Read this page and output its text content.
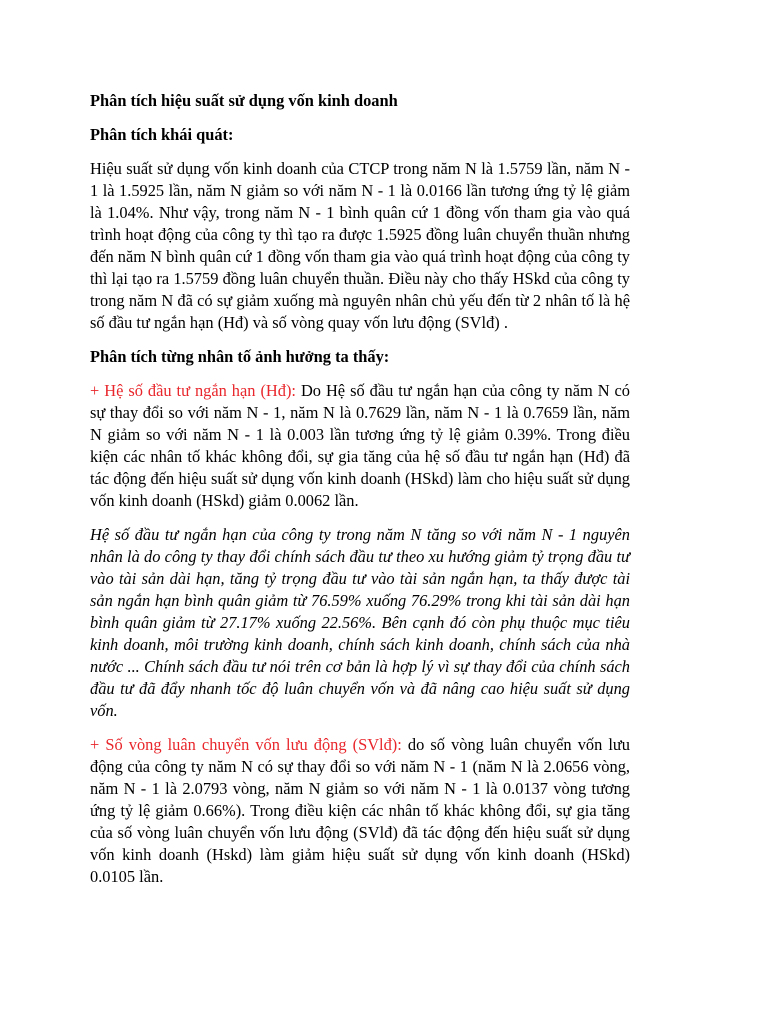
Phân tích hiệu suất sử dụng vốn kinh doanh

Phân tích khái quát:

Hiệu suất sử dụng vốn kinh doanh của CTCP trong năm N là 1.5759 lần, năm N - 1 là 1.5925 lần, năm N giảm so với năm N - 1 là 0.0166 lần tương ứng tỷ lệ giảm là 1.04%. Như vậy, trong năm N - 1 bình quân cứ 1 đồng vốn tham gia vào quá trình hoạt động của công ty thì tạo ra được 1.5925 đồng luân chuyển thuần nhưng đến năm N bình quân cứ 1 đồng vốn tham gia vào quá trình hoạt động của công ty thì lại tạo ra 1.5759 đồng luân chuyển thuần. Điều này cho thấy HSkd của công ty trong năm N đã có sự giảm xuống mà nguyên nhân chủ yếu đến từ 2 nhân tố là hệ số đầu tư ngắn hạn (Hđ) và số vòng quay vốn lưu động (SVlđ) .

Phân tích từng nhân tố ảnh hưởng ta thấy:

+ Hệ số đầu tư ngắn hạn (Hđ): Do Hệ số đầu tư ngắn hạn của công ty năm N có sự thay đổi so với năm N - 1, năm N là 0.7629 lần, năm N - 1 là 0.7659 lần, năm N giảm so với năm N - 1 là 0.003 lần tương ứng tỷ lệ giảm 0.39%. Trong điều kiện các nhân tố khác không đổi, sự gia tăng của hệ số đầu tư ngắn hạn (Hđ) đã tác động đến hiệu suất sử dụng vốn kinh doanh (HSkd) làm cho hiệu suất sử dụng vốn kinh doanh (HSkd) giảm 0.0062 lần.

Hệ số đầu tư ngắn hạn của công ty trong năm N tăng so với năm N - 1 nguyên nhân là do công ty thay đổi chính sách đầu tư theo xu hướng giảm tỷ trọng đầu tư vào tài sản dài hạn, tăng tỷ trọng đầu tư vào tài sản ngắn hạn, ta thấy được tài sản ngắn hạn bình quân giảm từ 76.59% xuống 76.29% trong khi tài sản dài hạn bình quân giảm từ 27.17% xuống 22.56%. Bên cạnh đó còn phụ thuộc mục tiêu kinh doanh, môi trường kinh doanh, chính sách kinh doanh, chính sách của nhà nước ... Chính sách đầu tư nói trên cơ bản là hợp lý vì sự thay đổi của chính sách đầu tư đã đẩy nhanh tốc độ luân chuyển vốn và đã nâng cao hiệu suất sử dụng vốn.

+ Số vòng luân chuyển vốn lưu động (SVlđ): do số vòng luân chuyển vốn lưu động của công ty năm N có sự thay đổi so với năm N - 1 (năm N là 2.0656 vòng, năm N - 1 là 2.0793 vòng, năm N giảm so với năm N - 1 là 0.0137 vòng tương ứng tỷ lệ giảm 0.66%). Trong điều kiện các nhân tố khác không đổi, sự gia tăng của số vòng luân chuyển vốn lưu động (SVlđ) đã tác động đến hiệu suất sử dụng vốn kinh doanh (Hskd) làm giảm hiệu suất sử dụng vốn kinh doanh (HSkd) 0.0105 lần.
